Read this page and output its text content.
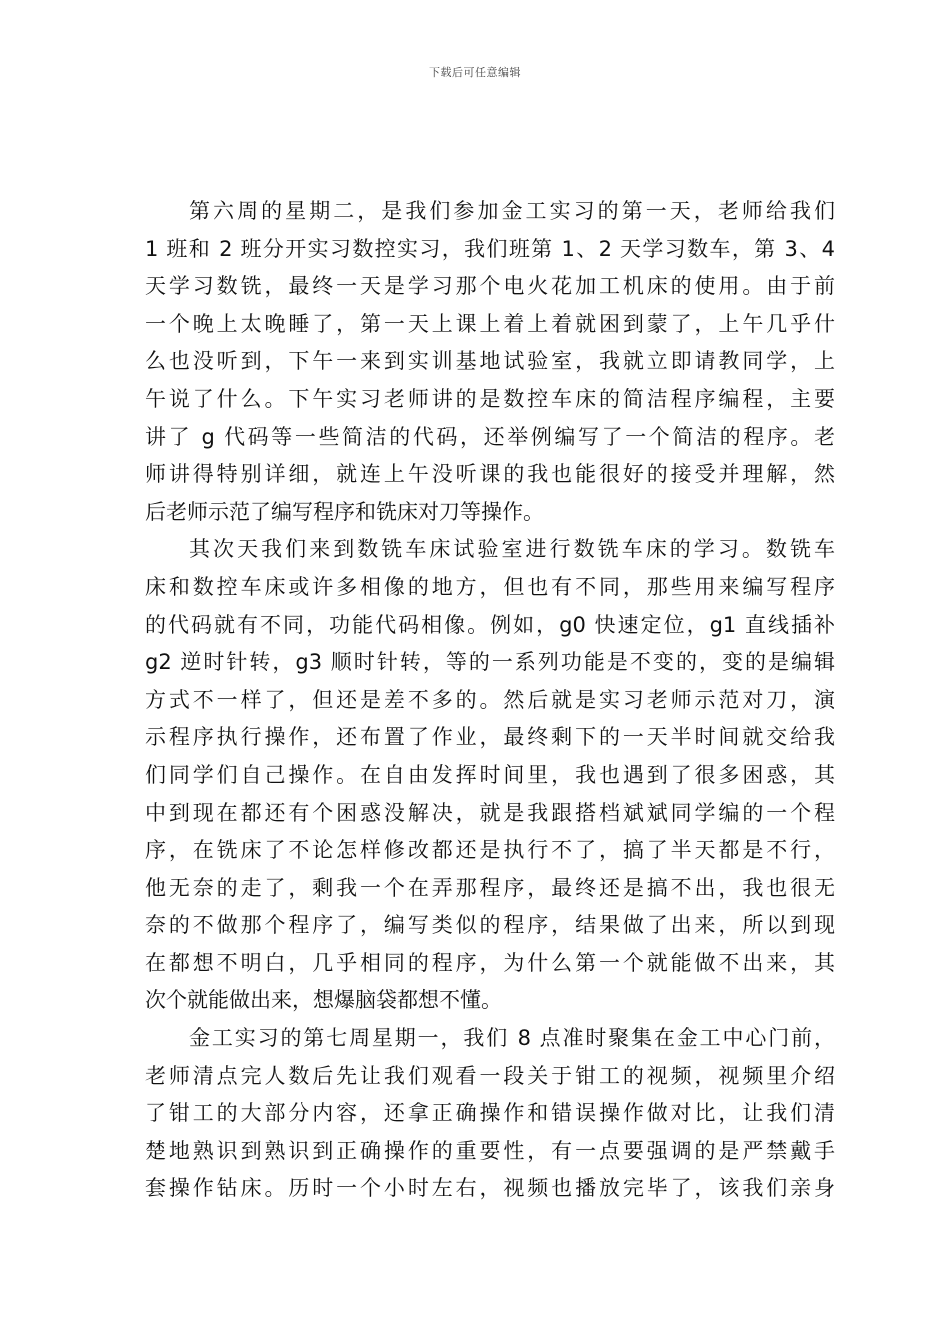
下载后可任意编辑
第六周的星期二，是我们参加金工实习的第一天，老师给我们
1 班和 2 班分开实习数控实习，我们班第 1、2 天学习数车，第 3、4
天学习数铣，最终一天是学习那个电火花加工机床的使用。由于前
一个晚上太晚睡了，第一天上课上着上着就困到蒙了，上午几乎什
么也没听到，下午一来到实训基地试验室，我就立即请教同学，上
午说了什么。下午实习老师讲的是数控车床的简洁程序编程，主要
讲了 g 代码等一些简洁的代码，还举例编写了一个简洁的程序。老
师讲得特别详细，就连上午没听课的我也能很好的接受并理解，然
后老师示范了编写程序和铣床对刀等操作。
其次天我们来到数铣车床试验室进行数铣车床的学习。数铣车
床和数控车床或许多相像的地方，但也有不同，那些用来编写程序
的代码就有不同，功能代码相像。例如，g0 快速定位，g1 直线插补
g2 逆时针转，g3 顺时针转，等的一系列功能是不变的，变的是编辑
方式不一样了，但还是差不多的。然后就是实习老师示范对刀，演
示程序执行操作，还布置了作业，最终剩下的一天半时间就交给我
们同学们自己操作。在自由发挥时间里，我也遇到了很多困惑，其
中到现在都还有个困惑没解决，就是我跟搭档斌斌同学编的一个程
序，在铣床了不论怎样修改都还是执行不了，搞了半天都是不行，
他无奈的走了，剩我一个在弄那程序，最终还是搞不出，我也很无
奈的不做那个程序了，编写类似的程序，结果做了出来，所以到现
在都想不明白，几乎相同的程序，为什么第一个就能做不出来，其
次个就能做出来，想爆脑袋都想不懂。
金工实习的第七周星期一，我们 8 点准时聚集在金工中心门前，
老师清点完人数后先让我们观看一段关于钳工的视频，视频里介绍
了钳工的大部分内容，还拿正确操作和错误操作做对比，让我们清
楚地熟识到熟识到正确操作的重要性，有一点要强调的是严禁戴手
套操作钻床。历时一个小时左右，视频也播放完毕了，该我们亲身
